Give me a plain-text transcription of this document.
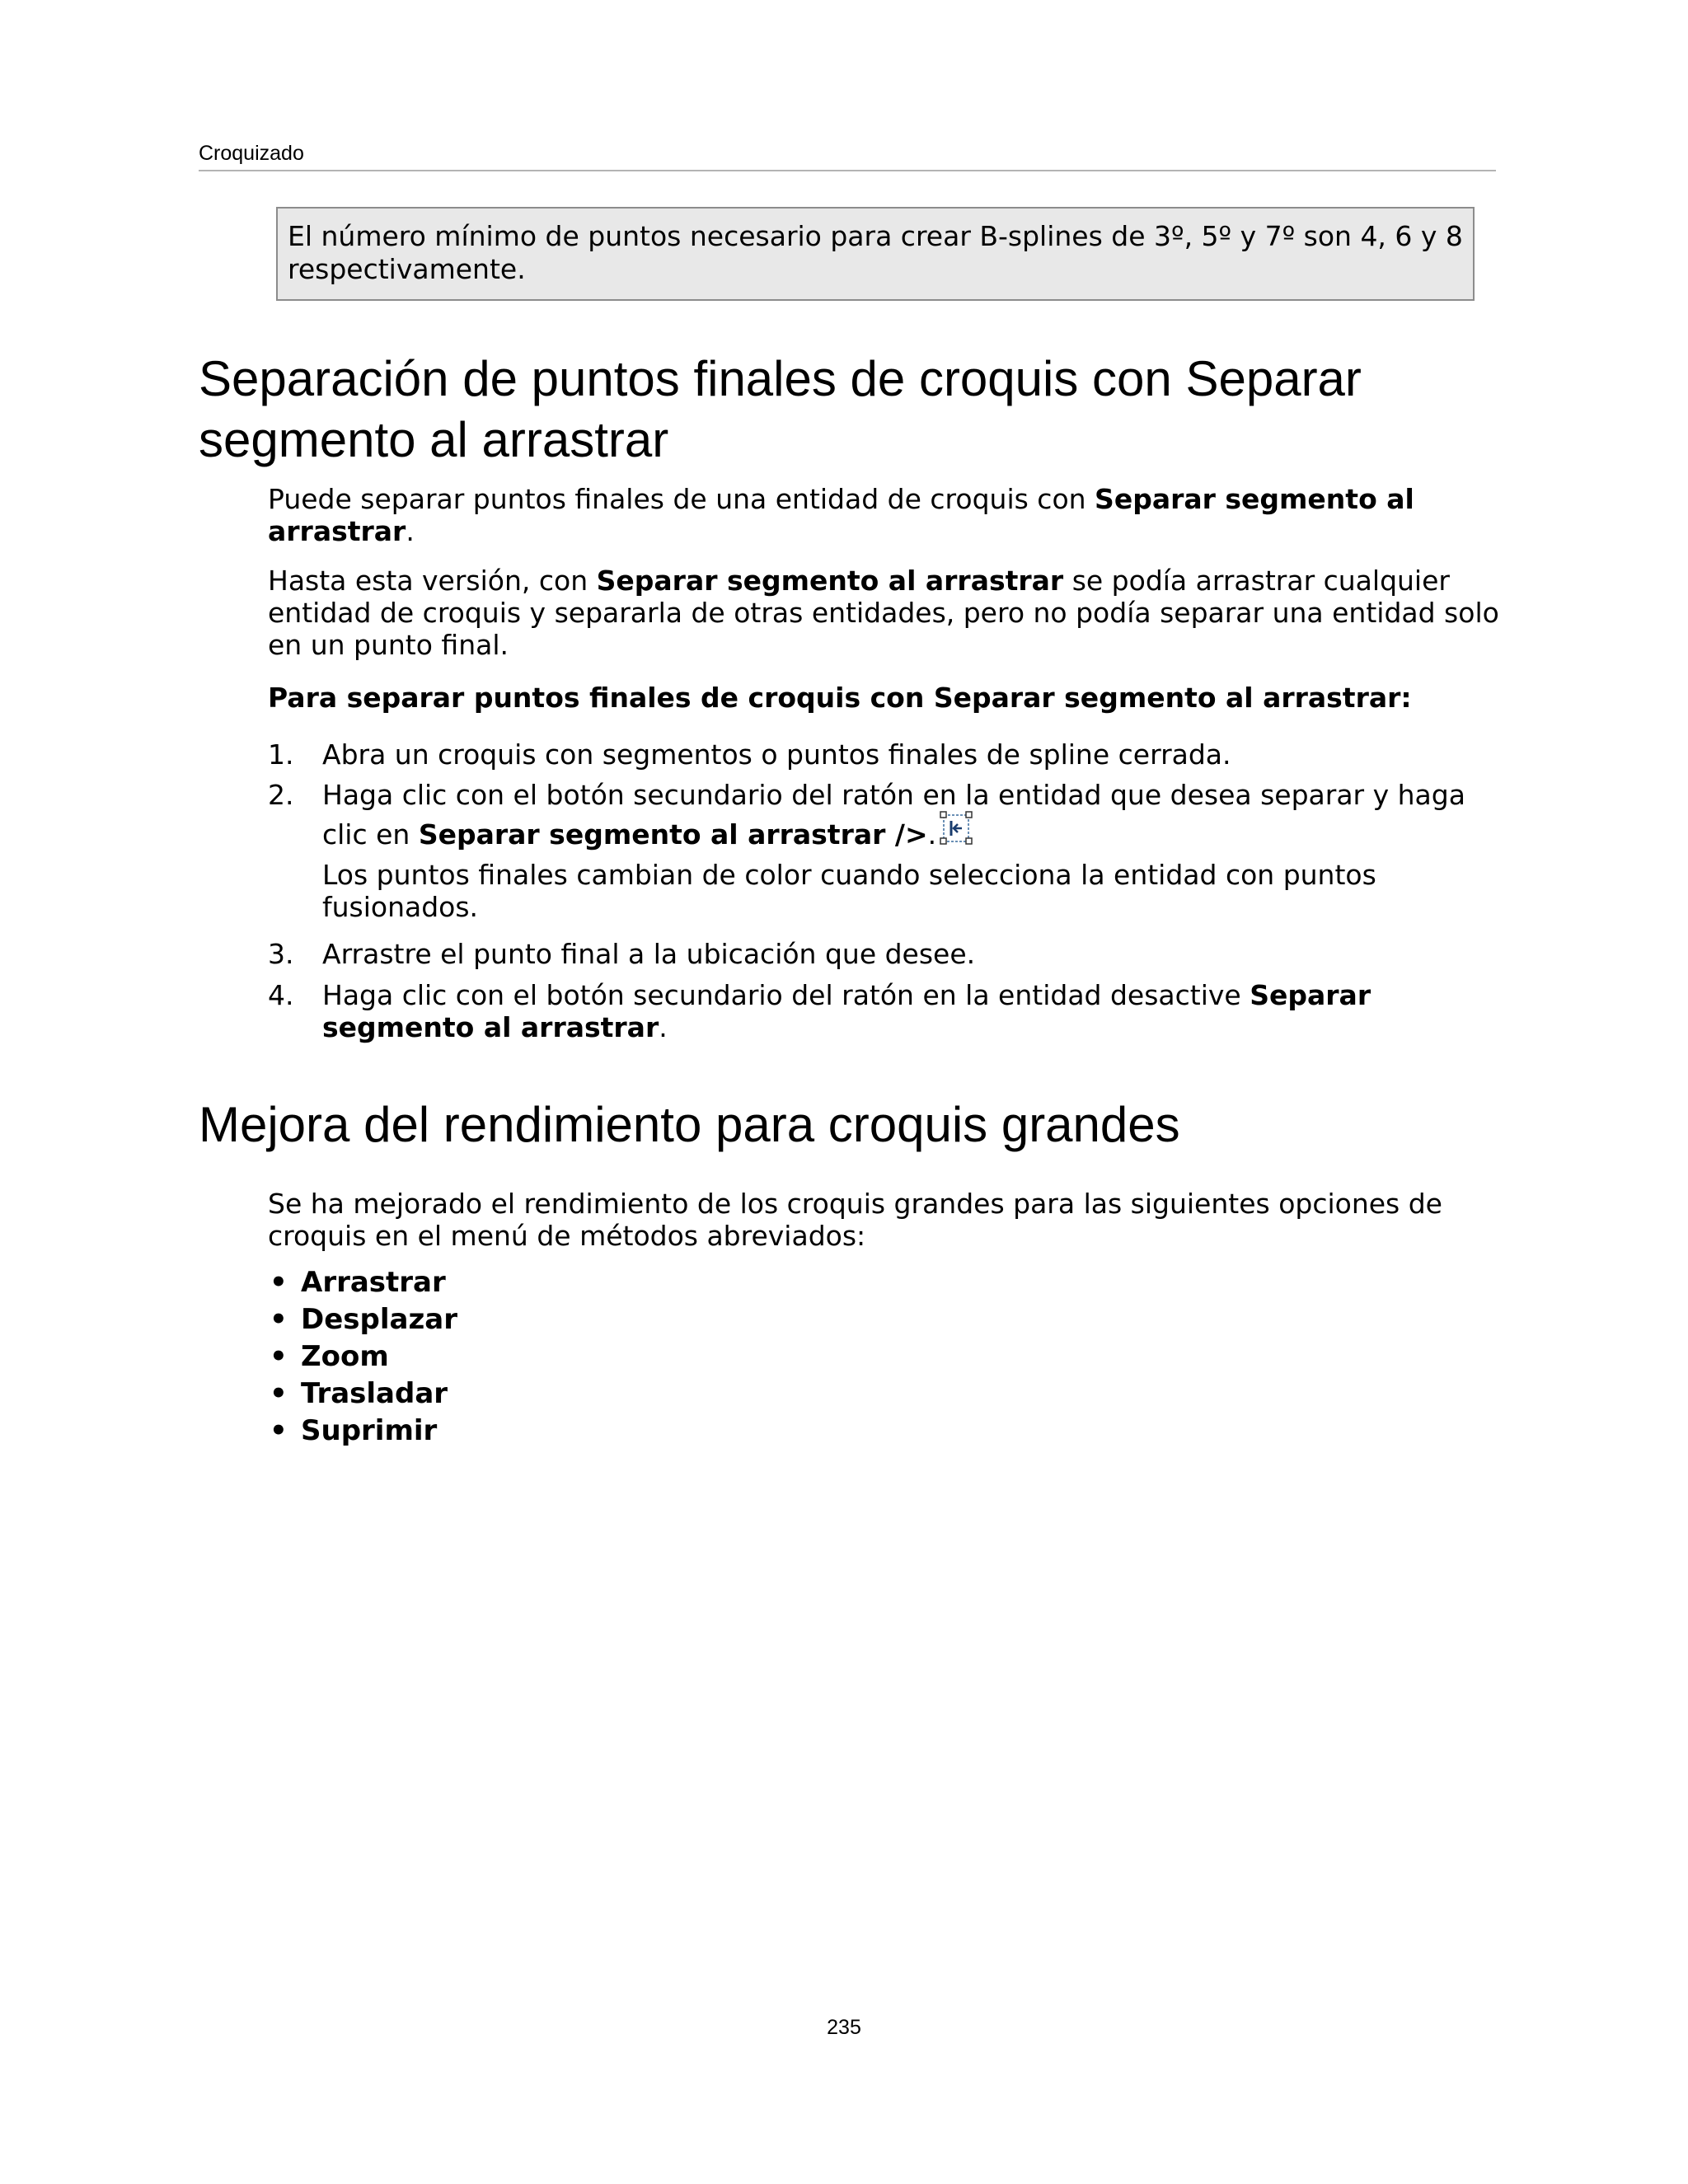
Croquizado
El número mínimo de puntos necesario para crear B-splines de 3º, 5º y 7º son 4, 6 y 8 respectivamente.
Separación de puntos finales de croquis con Separar segmento al arrastrar

Puede separar puntos finales de una entidad de croquis con Separar segmento al arrastrar.

Hasta esta versión, con Separar segmento al arrastrar se podía arrastrar cualquier entidad de croquis y separarla de otras entidades, pero no podía separar una entidad solo en un punto final.

Para separar puntos finales de croquis con Separar segmento al arrastrar:

1. Abra un croquis con segmentos o puntos finales de spline cerrada.
2. Haga clic con el botón secundario del ratón en la entidad que desea separar y haga clic en Separar segmento al arrastrar />.
Los puntos finales cambian de color cuando selecciona la entidad con puntos fusionados.
3. Arrastre el punto final a la ubicación que desee.
4. Haga clic con el botón secundario del ratón en la entidad desactive Separar segmento al arrastrar.
Mejora del rendimiento para croquis grandes

Se ha mejorado el rendimiento de los croquis grandes para las siguientes opciones de croquis en el menú de métodos abreviados:

• Arrastrar
• Desplazar
• Zoom
• Trasladar
• Suprimir
235
